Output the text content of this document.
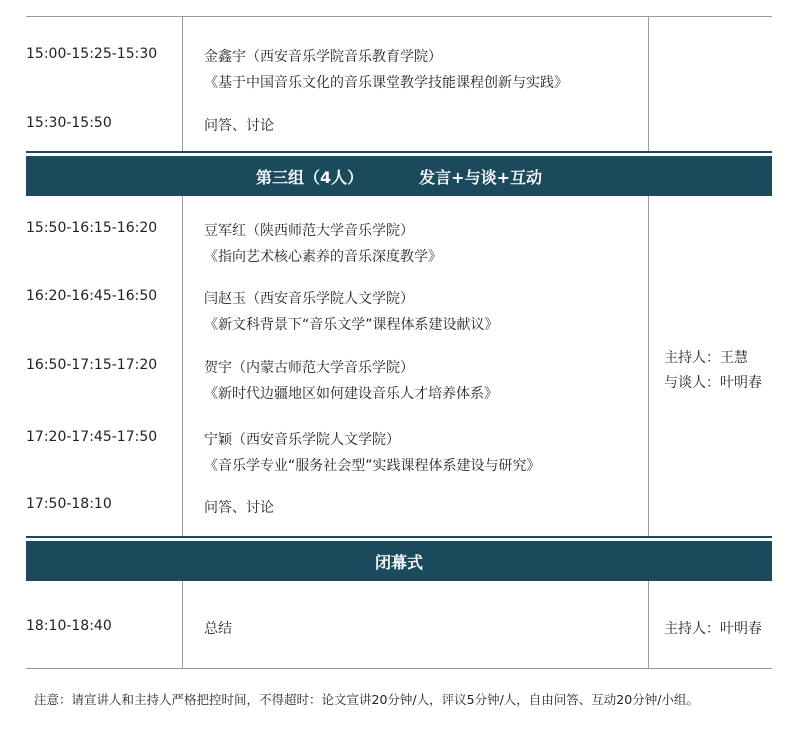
15:00-15:25-15:30	金鑫宇（西安音乐学院音乐教育学院）
《基于中国音乐文化的音乐课堂教学技能课程创新与实践》
15:30-15:50	问答、讨论
第三组（4人）	发言+与谈+互动
15:50-16:15-16:20	豆军红（陕西师范大学音乐学院）
《指向艺术核心素养的音乐深度教学》
16:20-16:45-16:50	闫赵玉（西安音乐学院人文学院）
《新文科背景下“音乐文学”课程体系建设献议》
16:50-17:15-17:20	贺宇（内蒙古师范大学音乐学院）
《新时代边疆地区如何建设音乐人才培养体系》
17:20-17:45-17:50	宁颖（西安音乐学院人文学院）
《音乐学专业“服务社会型”实践课程体系建设与研究》
17:50-18:10	问答、讨论
主持人：王慧
与谈人：叶明春
闭幕式
18:10-18:40	总结	主持人：叶明春
注意：请宣讲人和主持人严格把控时间，不得超时：论文宣讲20分钟/人，评议5分钟/人，自由问答、互动20分钟/小组。
